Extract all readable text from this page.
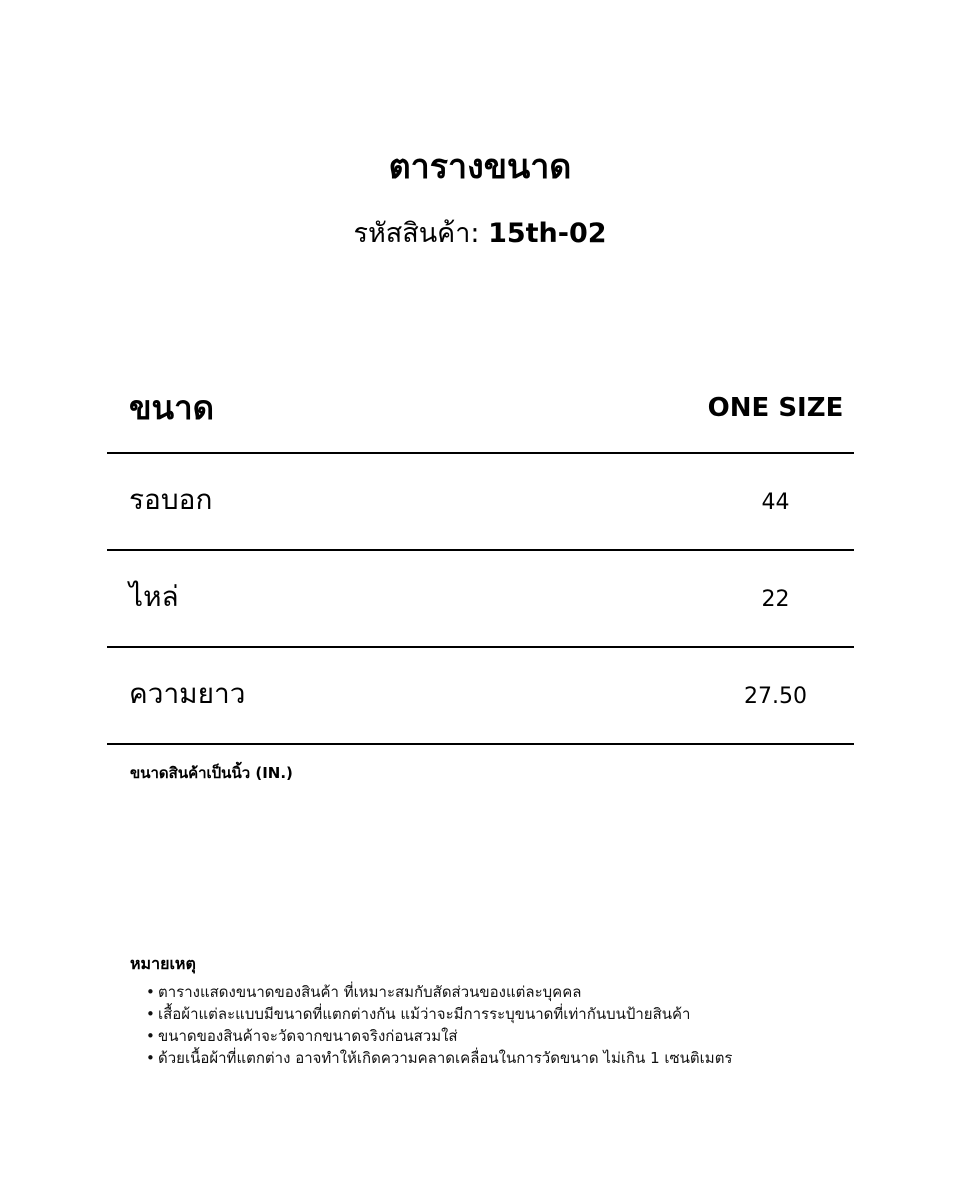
ตารางขนาด
รหัสสินค้า: 15th-02
ขนาด	ONE SIZE
รอบอก	44
ไหล่	22
ความยาว	27.50
ขนาดสินค้าเป็นนิ้ว (IN.)
หมายเหตุ
• ตารางแสดงขนาดของสินค้า ที่เหมาะสมกับสัดส่วนของแต่ละบุคคล
• เสื้อผ้าแต่ละแบบมีขนาดที่แตกต่างกัน แม้ว่าจะมีการระบุขนาดที่เท่ากันบนป้ายสินค้า
• ขนาดของสินค้าจะวัดจากขนาดจริงก่อนสวมใส่
• ด้วยเนื้อผ้าที่แตกต่าง อาจทำให้เกิดความคลาดเคลื่อนในการวัดขนาด ไม่เกิน 1 เซนติเมตร
